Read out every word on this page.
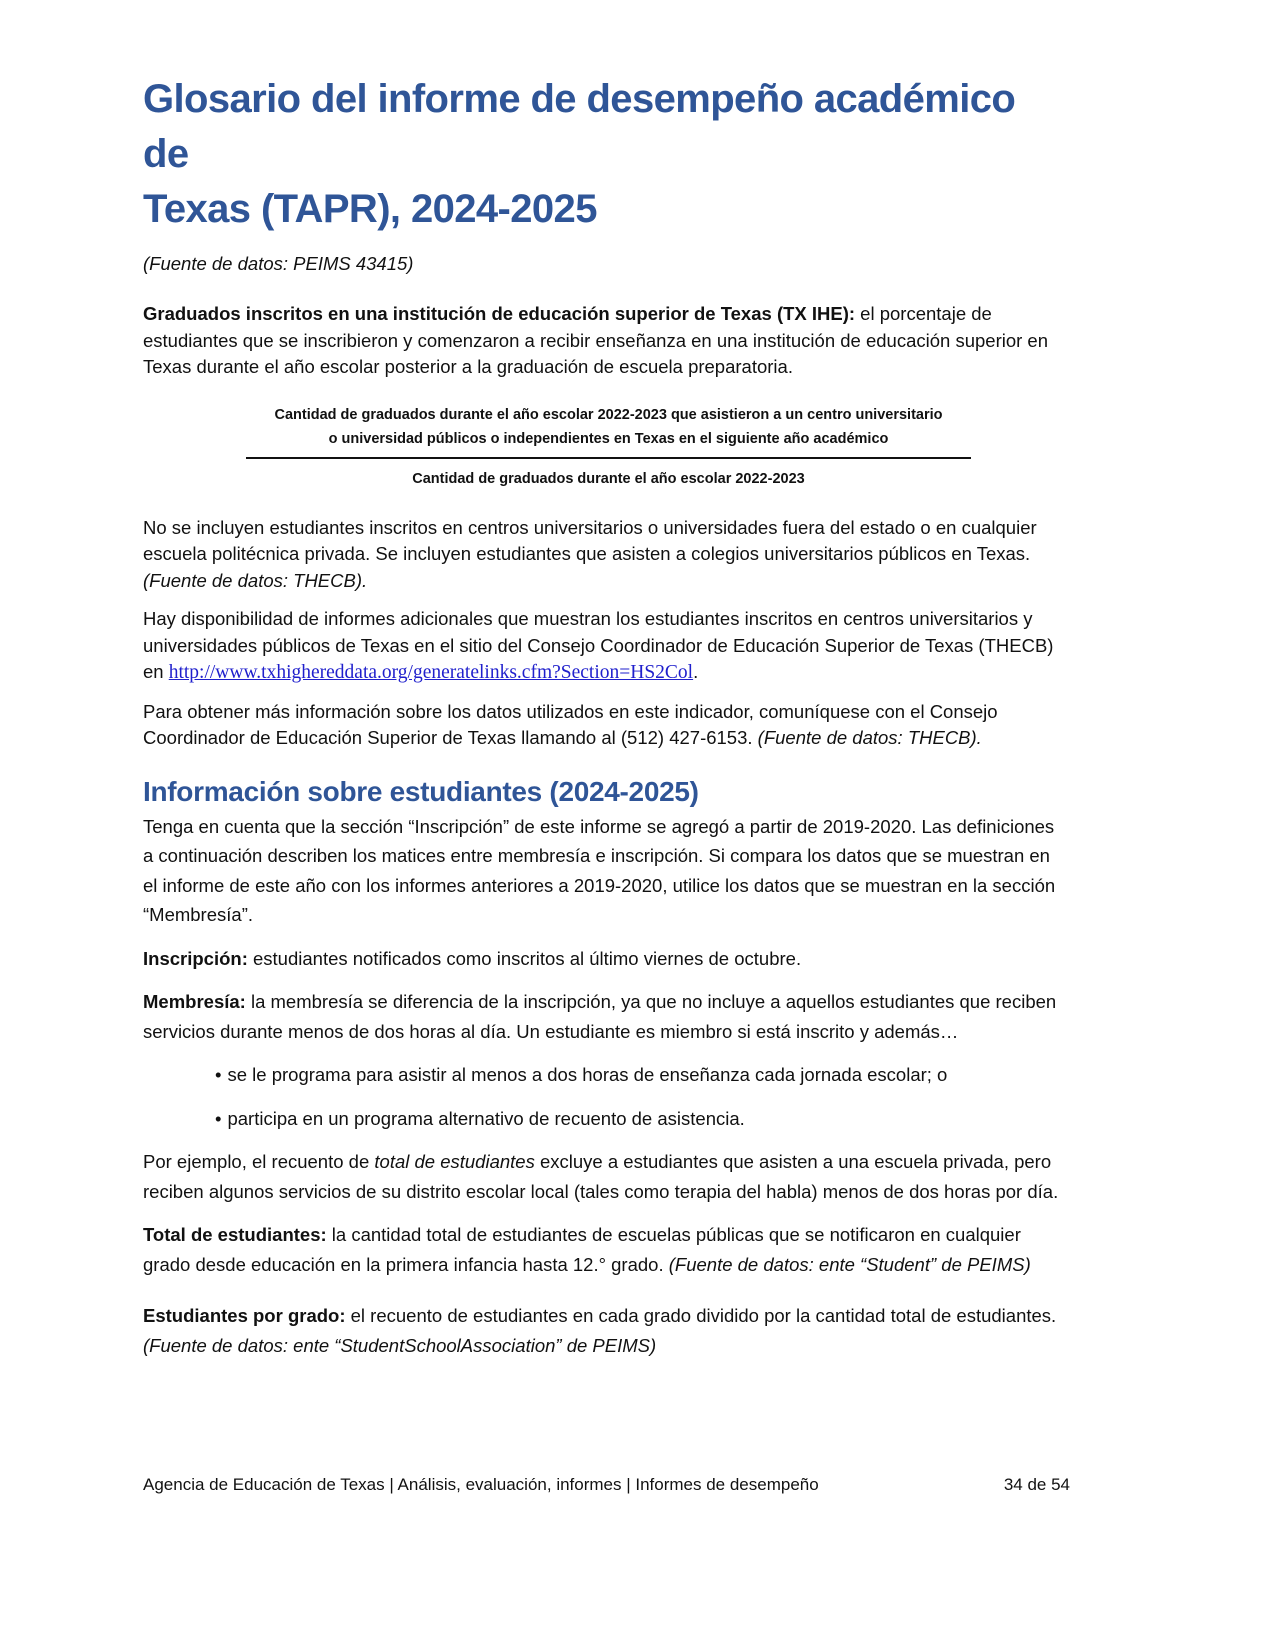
Glosario del informe de desempeño académico de
Texas (TAPR), 2024-2025

(Fuente de datos: PEIMS 43415)

Graduados inscritos en una institución de educación superior de Texas (TX IHE): el porcentaje de estudiantes que se inscribieron y comenzaron a recibir enseñanza en una institución de educación superior en Texas durante el año escolar posterior a la graduación de escuela preparatoria.

Cantidad de graduados durante el año escolar 2022-2023 que asistieron a un centro universitario
o universidad públicos o independientes en Texas en el siguiente año académico
Cantidad de graduados durante el año escolar 2022-2023

No se incluyen estudiantes inscritos en centros universitarios o universidades fuera del estado o en cualquier escuela politécnica privada. Se incluyen estudiantes que asisten a colegios universitarios públicos en Texas.
(Fuente de datos: THECB).

Hay disponibilidad de informes adicionales que muestran los estudiantes inscritos en centros universitarios y universidades públicos de Texas en el sitio del Consejo Coordinador de Educación Superior de Texas (THECB) en http://www.txhighereddata.org/generatelinks.cfm?Section=HS2Col.

Para obtener más información sobre los datos utilizados en este indicador, comuníquese con el Consejo Coordinador de Educación Superior de Texas llamando al (512) 427-6153. (Fuente de datos: THECB).

Información sobre estudiantes (2024-2025)

Tenga en cuenta que la sección “Inscripción” de este informe se agregó a partir de 2019-2020. Las definiciones a continuación describen los matices entre membresía e inscripción. Si compara los datos que se muestran en el informe de este año con los informes anteriores a 2019-2020, utilice los datos que se muestran en la sección “Membresía”.

Inscripción: estudiantes notificados como inscritos al último viernes de octubre.

Membresía: la membresía se diferencia de la inscripción, ya que no incluye a aquellos estudiantes que reciben servicios durante menos de dos horas al día. Un estudiante es miembro si está inscrito y además…

• se le programa para asistir al menos a dos horas de enseñanza cada jornada escolar; o
• participa en un programa alternativo de recuento de asistencia.

Por ejemplo, el recuento de total de estudiantes excluye a estudiantes que asisten a una escuela privada, pero reciben algunos servicios de su distrito escolar local (tales como terapia del habla) menos de dos horas por día.

Total de estudiantes: la cantidad total de estudiantes de escuelas públicas que se notificaron en cualquier grado desde educación en la primera infancia hasta 12.° grado. (Fuente de datos: ente “Student” de PEIMS)

Estudiantes por grado: el recuento de estudiantes en cada grado dividido por la cantidad total de estudiantes. (Fuente de datos: ente “StudentSchoolAssociation” de PEIMS)

Agencia de Educación de Texas | Análisis, evaluación, informes | Informes de desempeño	34 de 54
